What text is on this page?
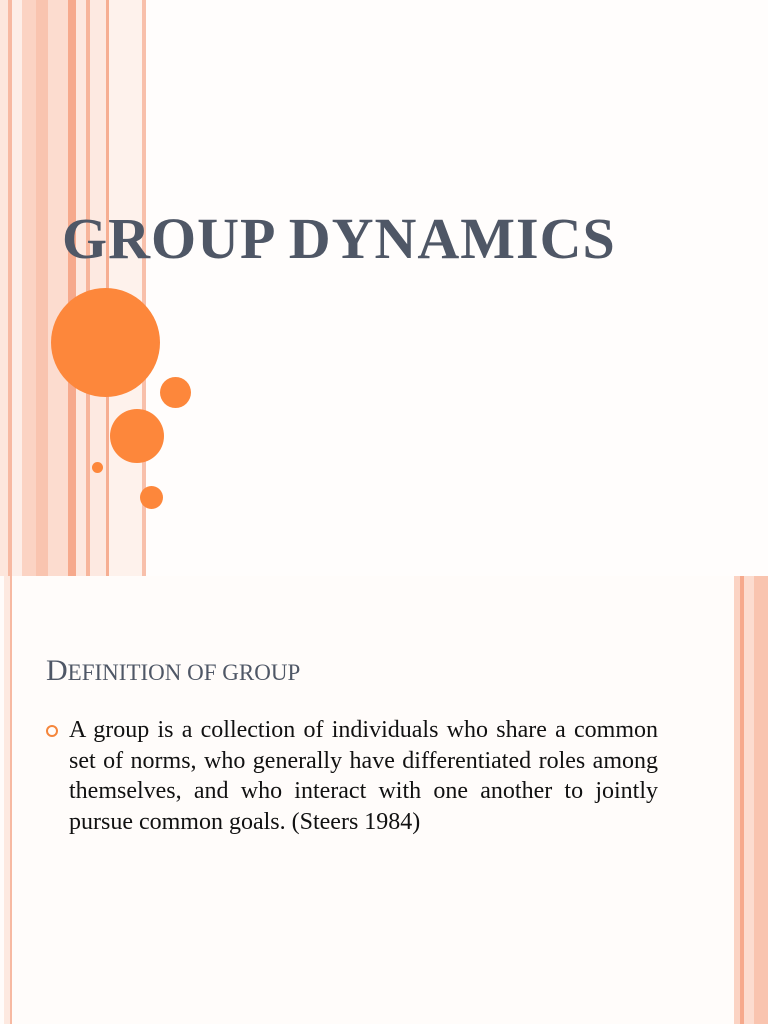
GROUP DYNAMICS
DEFINITION OF GROUP
A group is a collection of individuals who share a common set of norms, who generally have differentiated roles among themselves, and who interact with one another to jointly pursue common goals. (Steers 1984)
